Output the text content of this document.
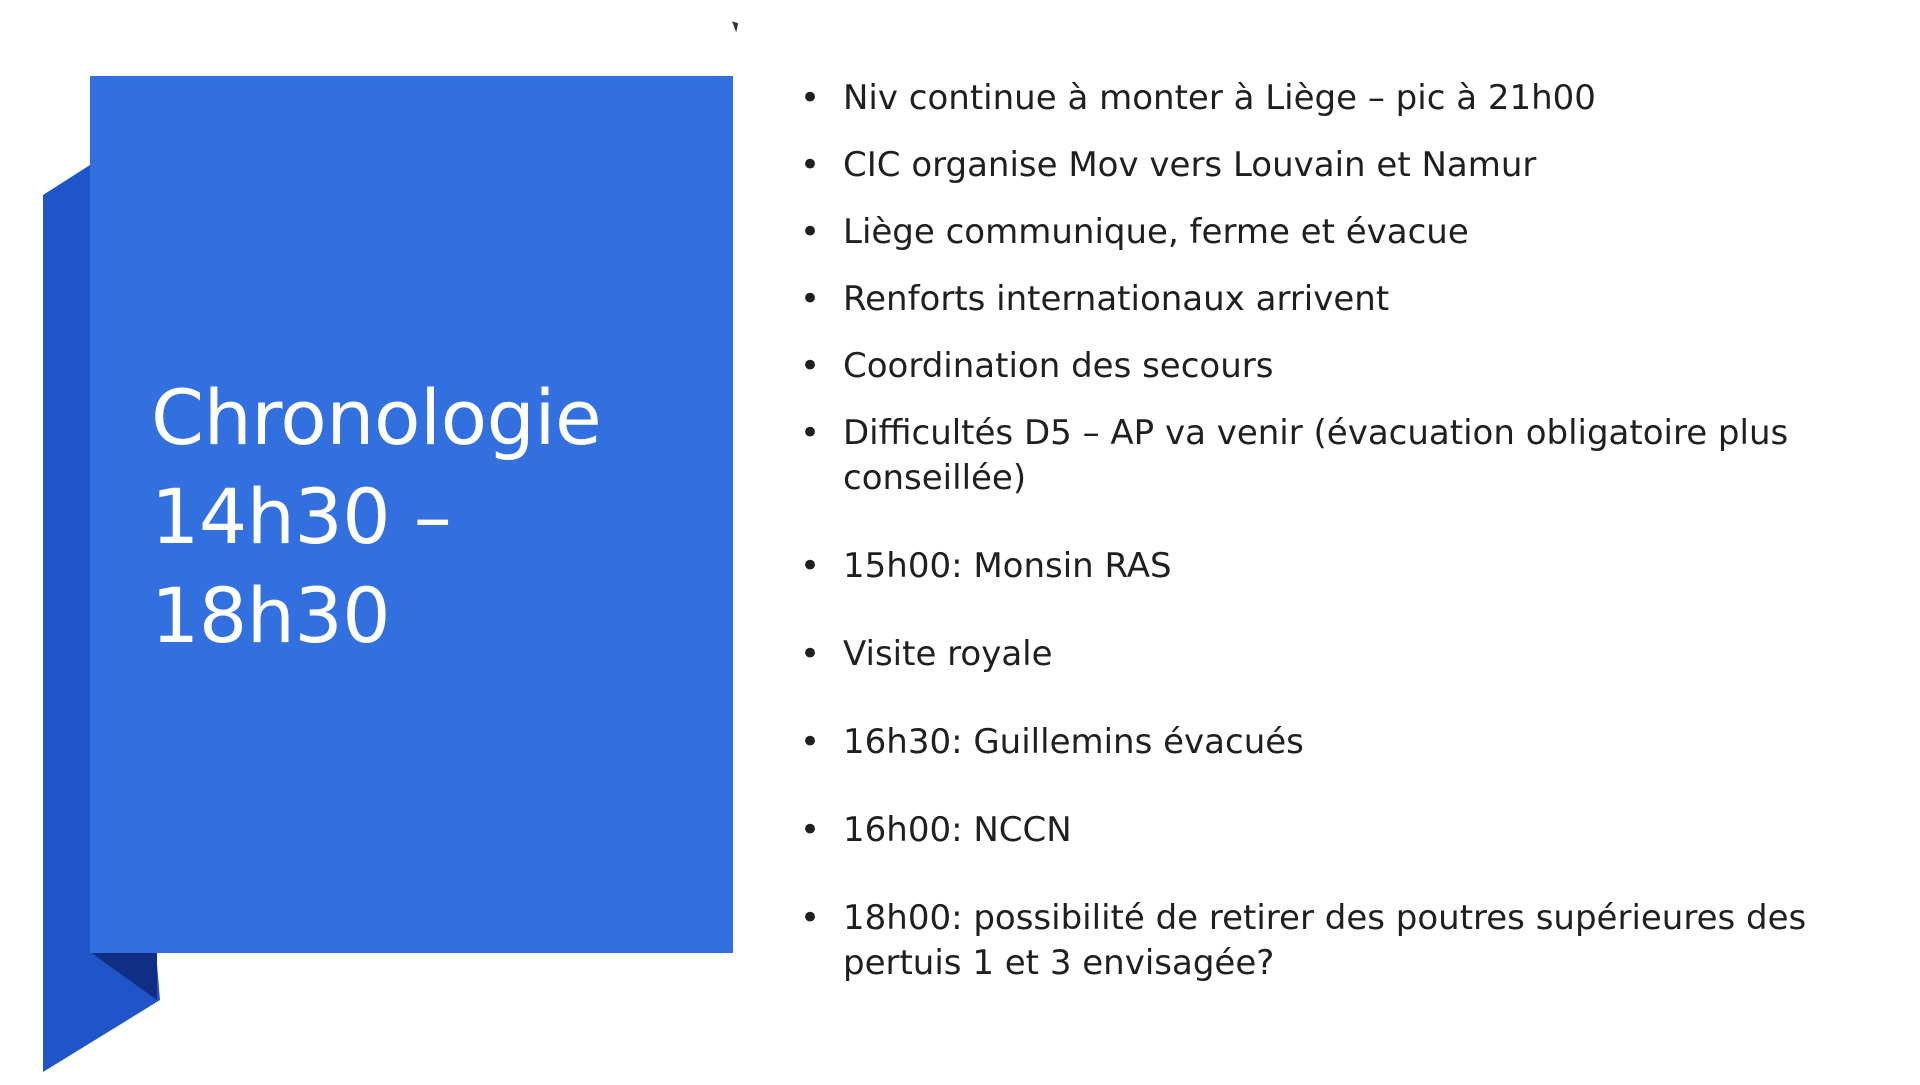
Chronologie
14h30 –
18h30
• Niv continue à monter à Liège – pic à 21h00
• CIC organise Mov vers Louvain et Namur
• Liège communique, ferme et évacue
• Renforts internationaux arrivent
• Coordination des secours
• Difficultés D5 – AP va venir (évacuation obligatoire plus conseillée)
• 15h00: Monsin RAS
• Visite royale
• 16h30: Guillemins évacués
• 16h00: NCCN
• 18h00: possibilité de retirer des poutres supérieures des pertuis 1 et 3 envisagée?
